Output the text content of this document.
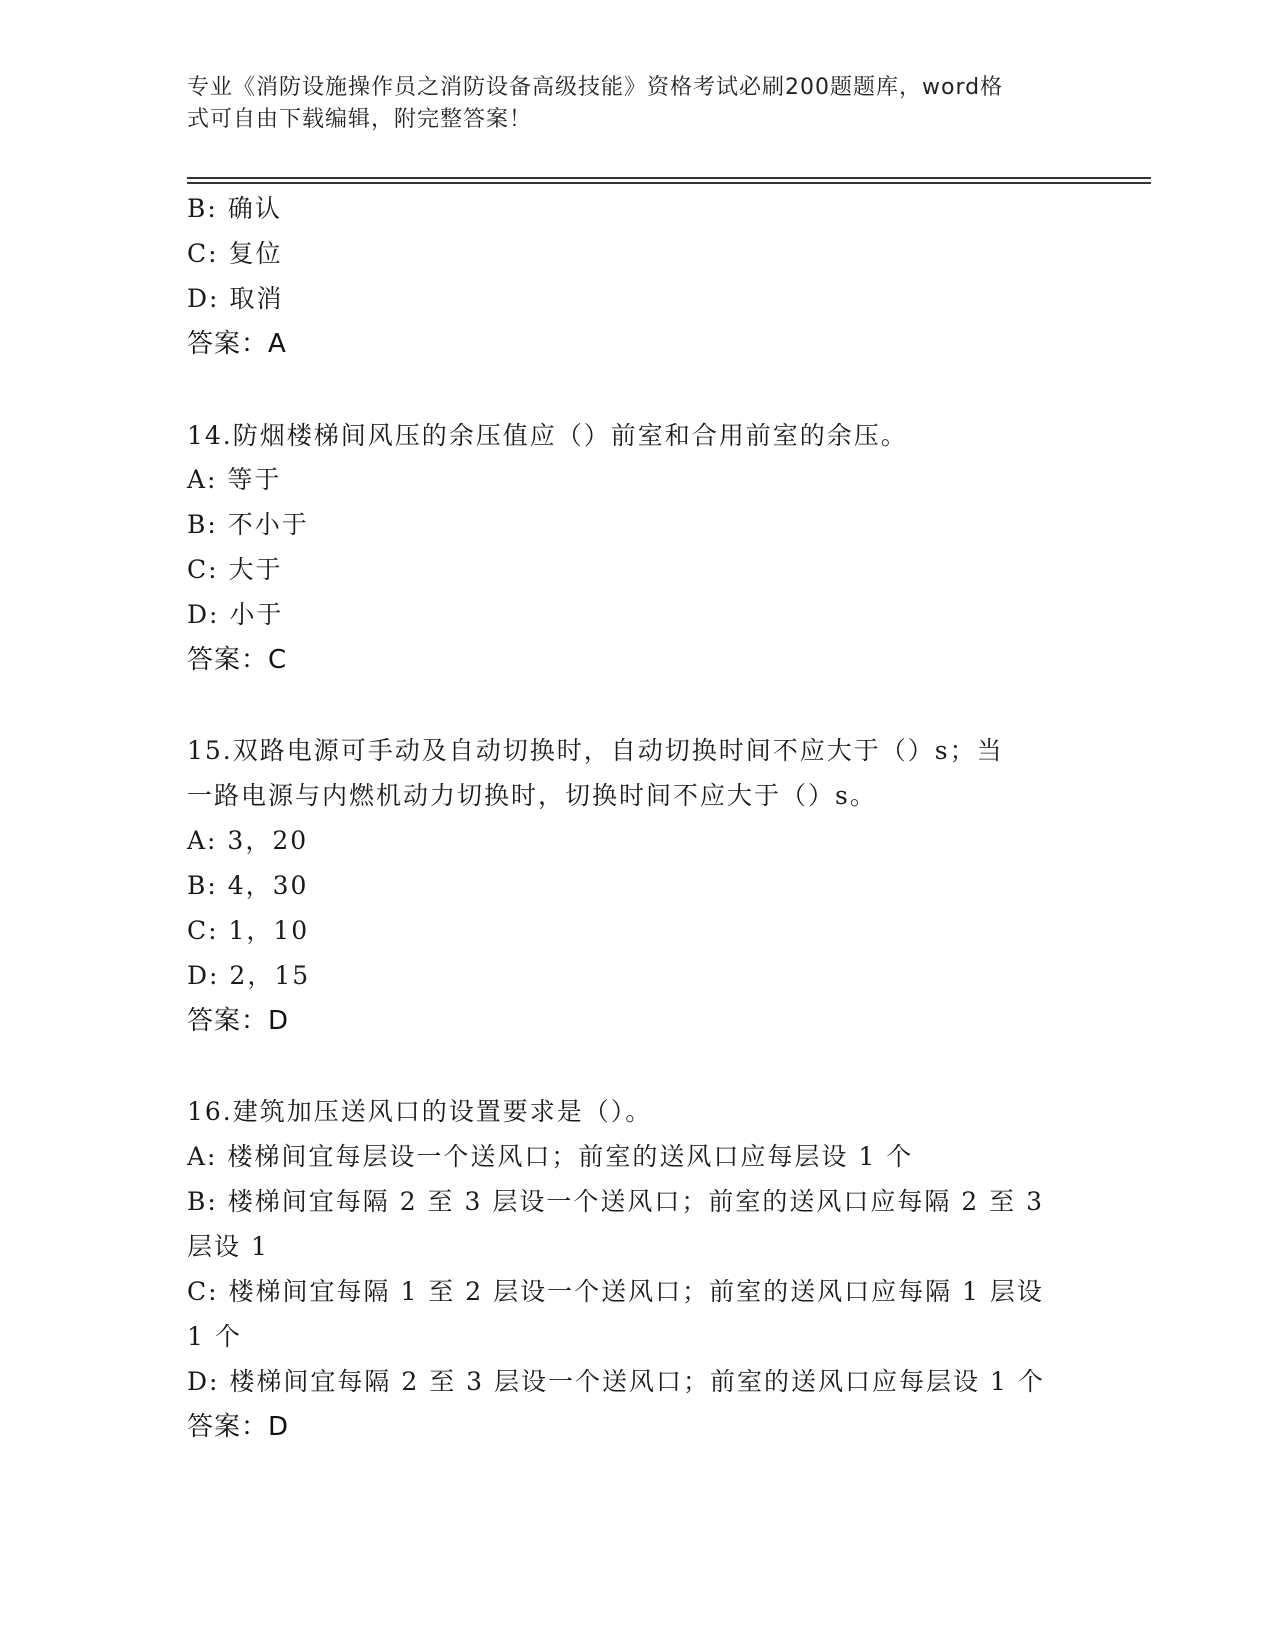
专业《消防设施操作员之消防设备高级技能》资格考试必刷200题题库，word格
式可自由下载编辑，附完整答案！
B: 确认
C: 复位
D: 取消
答案：A
14.防烟楼梯间风压的余压值应（）前室和合用前室的余压。
A: 等于
B: 不小于
C: 大于
D: 小于
答案：C
15.双路电源可手动及自动切换时，自动切换时间不应大于（）s；当
一路电源与内燃机动力切换时，切换时间不应大于（）s。
A: 3，20
B: 4，30
C: 1，10
D: 2，15
答案：D
16.建筑加压送风口的设置要求是（）。
A: 楼梯间宜每层设一个送风口；前室的送风口应每层设 1 个
B: 楼梯间宜每隔 2 至 3 层设一个送风口；前室的送风口应每隔 2 至 3
层设 1
C: 楼梯间宜每隔 1 至 2 层设一个送风口；前室的送风口应每隔 1 层设
1 个
D: 楼梯间宜每隔 2 至 3 层设一个送风口；前室的送风口应每层设 1 个
答案：D
